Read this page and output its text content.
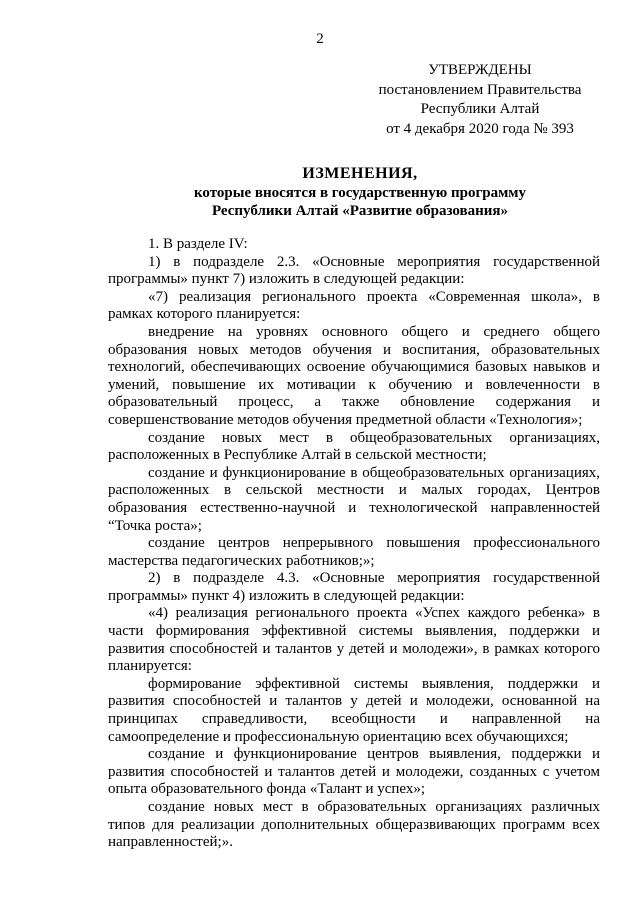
2
УТВЕРЖДЕНЫ
постановлением Правительства
Республики Алтай
от 4 декабря 2020 года № 393
ИЗМЕНЕНИЯ,
которые вносятся в государственную программу
Республики Алтай «Развитие образования»

1. В разделе IV:

1) в подразделе 2.3. «Основные мероприятия государственной программы» пункт 7) изложить в следующей редакции:

«7) реализация регионального проекта «Современная школа», в рамках которого планируется:

внедрение на уровнях основного общего и среднего общего образования новых методов обучения и воспитания, образовательных технологий, обеспечивающих освоение обучающимися базовых навыков и умений, повышение их мотивации к обучению и вовлеченности в образовательный процесс, а также обновление содержания и совершенствование методов обучения предметной области «Технология»;

создание новых мест в общеобразовательных организациях, расположенных в Республике Алтай в сельской местности;

создание и функционирование в общеобразовательных организациях, расположенных в сельской местности и малых городах, Центров образования естественно-научной и технологической направленностей “Точка роста»;

создание центров непрерывного повышения профессионального мастерства педагогических работников;»;

2) в подразделе 4.3. «Основные мероприятия государственной программы» пункт 4) изложить в следующей редакции:

«4) реализация регионального проекта «Успех каждого ребенка» в части формирования эффективной системы выявления, поддержки и развития способностей и талантов у детей и молодежи», в рамках которого планируется:

формирование эффективной системы выявления, поддержки и развития способностей и талантов у детей и молодежи, основанной на принципах справедливости, всеобщности и направленной на самоопределение и профессиональную ориентацию всех обучающихся;

создание и функционирование центров выявления, поддержки и развития способностей и талантов детей и молодежи, созданных с учетом опыта образовательного фонда «Талант и успех»;

создание новых мест в образовательных организациях различных типов для реализации дополнительных общеразвивающих программ всех направленностей;».
